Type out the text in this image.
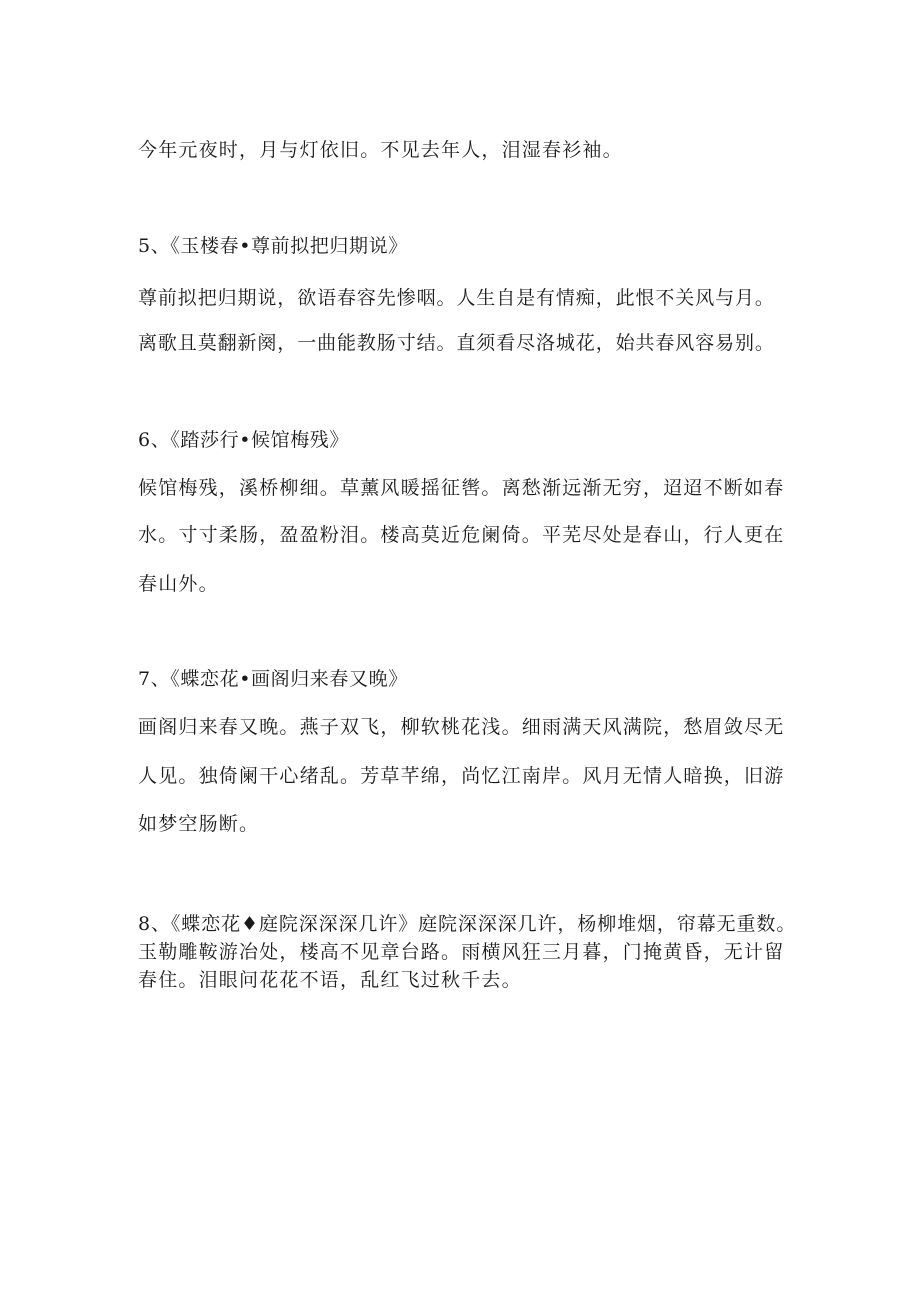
今年元夜时，月与灯依旧。不见去年人，泪湿春衫袖。
5、《玉楼春•尊前拟把归期说》
尊前拟把归期说，欲语春容先惨咽。人生自是有情痴，此恨不关风与月。
离歌且莫翻新阕，一曲能教肠寸结。直须看尽洛城花，始共春风容易别。
6、《踏莎行•候馆梅残》
候馆梅残，溪桥柳细。草薰风暖摇征辔。离愁渐远渐无穷，迢迢不断如春
水。寸寸柔肠，盈盈粉泪。楼高莫近危阑倚。平芜尽处是春山，行人更在
春山外。
7、《蝶恋花•画阁归来春又晚》
画阁归来春又晚。燕子双飞，柳软桃花浅。细雨满天风满院，愁眉敛尽无
人见。独倚阑干心绪乱。芳草芊绵，尚忆江南岸。风月无情人暗换，旧游
如梦空肠断。
8、《蝶恋花♦庭院深深深几许》庭院深深深几许，杨柳堆烟，帘幕无重数。
玉勒雕鞍游冶处，楼高不见章台路。雨横风狂三月暮，门掩黄昏，无计留
春住。泪眼问花花不语，乱红飞过秋千去。
